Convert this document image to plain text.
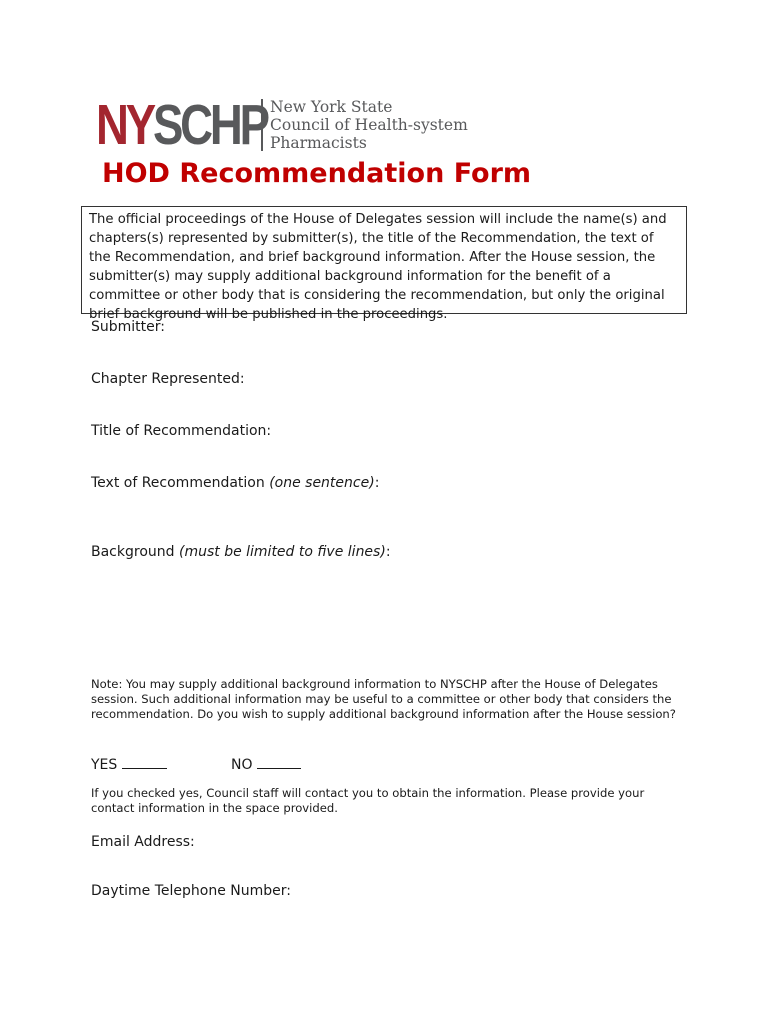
NYSCHP New York State
Council of Health-system
Pharmacists
HOD Recommendation Form

The official proceedings of the House of Delegates session will include the name(s) and chapters(s) represented by submitter(s), the title of the Recommendation, the text of the Recommendation, and brief background information. After the House session, the submitter(s) may supply additional background information for the benefit of a committee or other body that is considering the recommendation, but only the original brief background will be published in the proceedings.

Submitter:
Chapter Represented:
Title of Recommendation:
Text of Recommendation (one sentence):
Background (must be limited to five lines):

Note: You may supply additional background information to NYSCHP after the House of Delegates session. Such additional information may be useful to a committee or other body that considers the recommendation. Do you wish to supply additional background information after the House session?

YES	NO

If you checked yes, Council staff will contact you to obtain the information. Please provide your contact information in the space provided.

Email Address:
Daytime Telephone Number:
